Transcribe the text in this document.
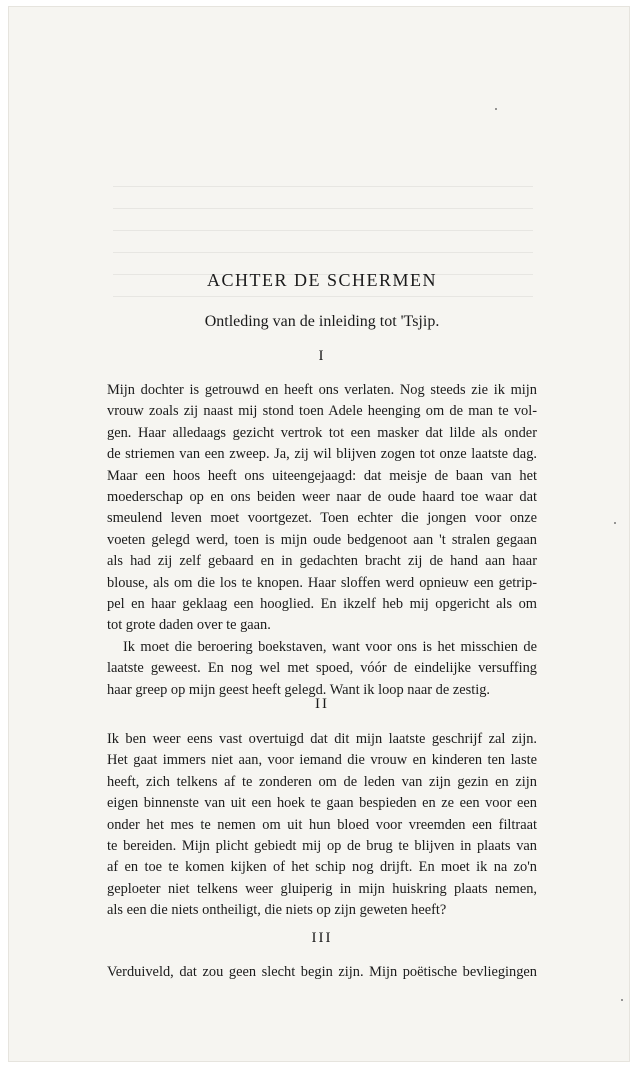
ACHTER DE SCHERMEN
Ontleding van de inleiding tot 'Tsjip.
I
Mijn dochter is getrouwd en heeft ons verlaten. Nog steeds zie ik mijn
vrouw zoals zij naast mij stond toen Adele heenging om de man te vol-
gen. Haar alledaags gezicht vertrok tot een masker dat lilde als onder
de striemen van een zweep. Ja, zij wil blijven zogen tot onze laatste dag.
Maar een hoos heeft ons uiteengejaagd: dat meisje de baan van het
moederschap op en ons beiden weer naar de oude haard toe waar dat
smeulend leven moet voortgezet. Toen echter die jongen voor onze
voeten gelegd werd, toen is mijn oude bedgenoot aan 't stralen gegaan
als had zij zelf gebaard en in gedachten bracht zij de hand aan haar
blouse, als om die los te knopen. Haar sloffen werd opnieuw een getrip-
pel en haar geklaag een hooglied. En ikzelf heb mij opgericht als om
tot grote daden over te gaan.
Ik moet die beroering boekstaven, want voor ons is het misschien de
laatste geweest. En nog wel met spoed, vóór de eindelijke versuffing
haar greep op mijn geest heeft gelegd. Want ik loop naar de zestig.
II
Ik ben weer eens vast overtuigd dat dit mijn laatste geschrijf zal zijn.
Het gaat immers niet aan, voor iemand die vrouw en kinderen ten laste
heeft, zich telkens af te zonderen om de leden van zijn gezin en zijn
eigen binnenste van uit een hoek te gaan bespieden en ze een voor een
onder het mes te nemen om uit hun bloed voor vreemden een filtraat
te bereiden. Mijn plicht gebiedt mij op de brug te blijven in plaats van
af en toe te komen kijken of het schip nog drijft. En moet ik na zo'n
geploeter niet telkens weer gluiperig in mijn huiskring plaats nemen,
als een die niets ontheiligt, die niets op zijn geweten heeft?
III
Verduiveld, dat zou geen slecht begin zijn. Mijn poëtische bevliegingen
